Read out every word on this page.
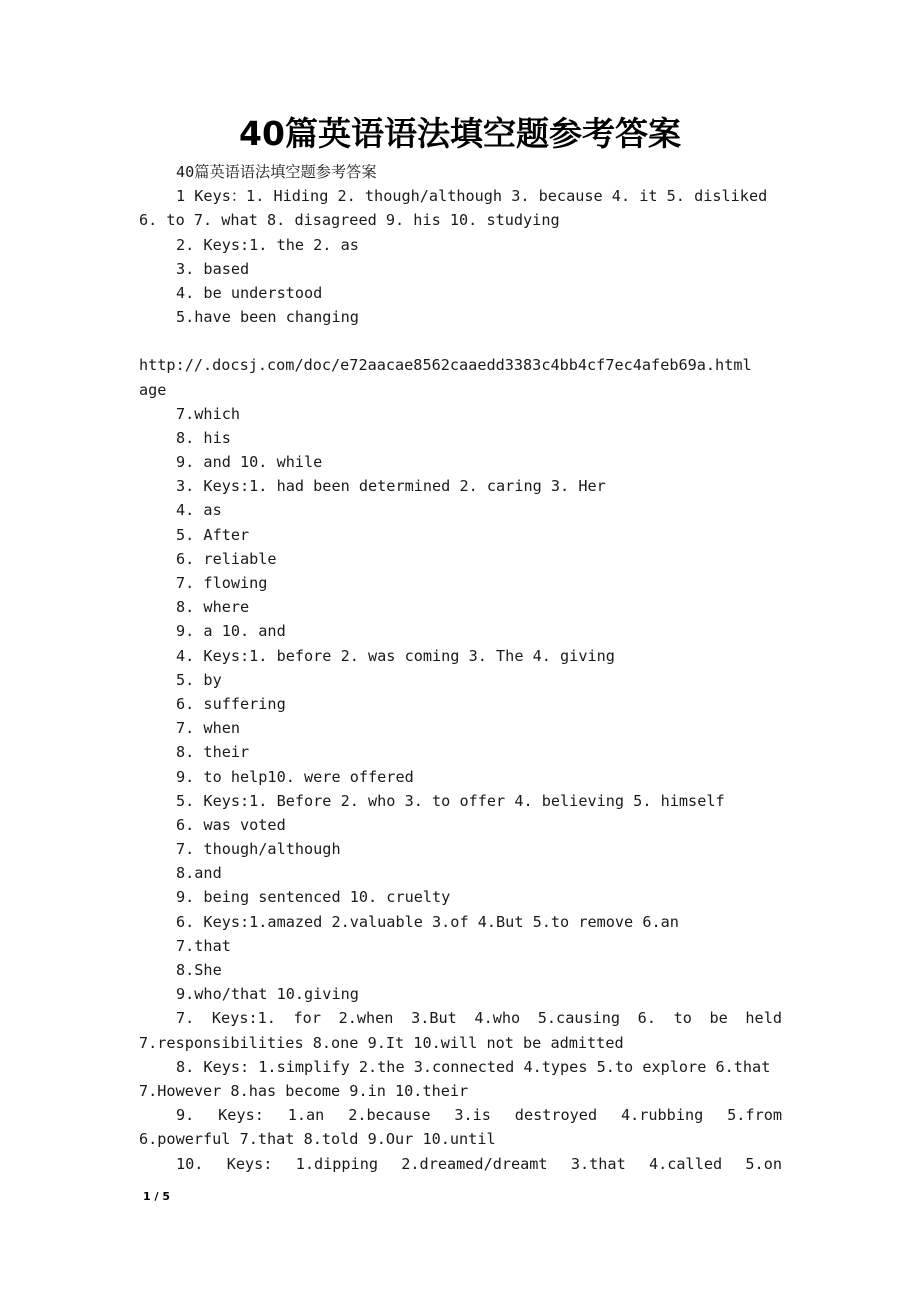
40篇英语语法填空题参考答案
40篇英语语法填空题参考答案
1 Keys：1. Hiding 2. though/although 3. because 4. it 5. disliked
6. to 7. what 8. disagreed 9. his 10. studying
2. Keys:1. the 2. as
3. based
4. be understood
5.have been changing
http://.docsj.com/doc/e72aacae8562caaedd3383c4bb4cf7ec4afeb69a.html
age
7.which
8. his
9. and 10. while
3. Keys:1. had been determined 2. caring 3. Her
4. as
5. After
6. reliable
7. flowing
8. where
9. a 10. and
4. Keys:1. before 2. was coming 3. The 4. giving
5. by
6. suffering
7. when
8. their
9. to help10. were offered
5. Keys:1. Before 2. who 3. to offer 4. believing 5. himself
6. was voted
7. though/although
8.and
9. being sentenced 10. cruelty
6. Keys:1.amazed 2.valuable 3.of 4.But 5.to remove 6.an
7.that
8.She
9.who/that 10.giving
7. Keys:1. for 2.when 3.But 4.who 5.causing 6. to be held
7.responsibilities 8.one 9.It 10.will not be admitted
8. Keys: 1.simplify 2.the 3.connected 4.types 5.to explore 6.that
7.However 8.has become 9.in 10.their
9. Keys: 1.an 2.because 3.is destroyed 4.rubbing 5.from
6.powerful 7.that 8.told 9.Our 10.until
10. Keys: 1.dipping 2.dreamed/dreamt 3.that 4.called 5.on
1 / 5
